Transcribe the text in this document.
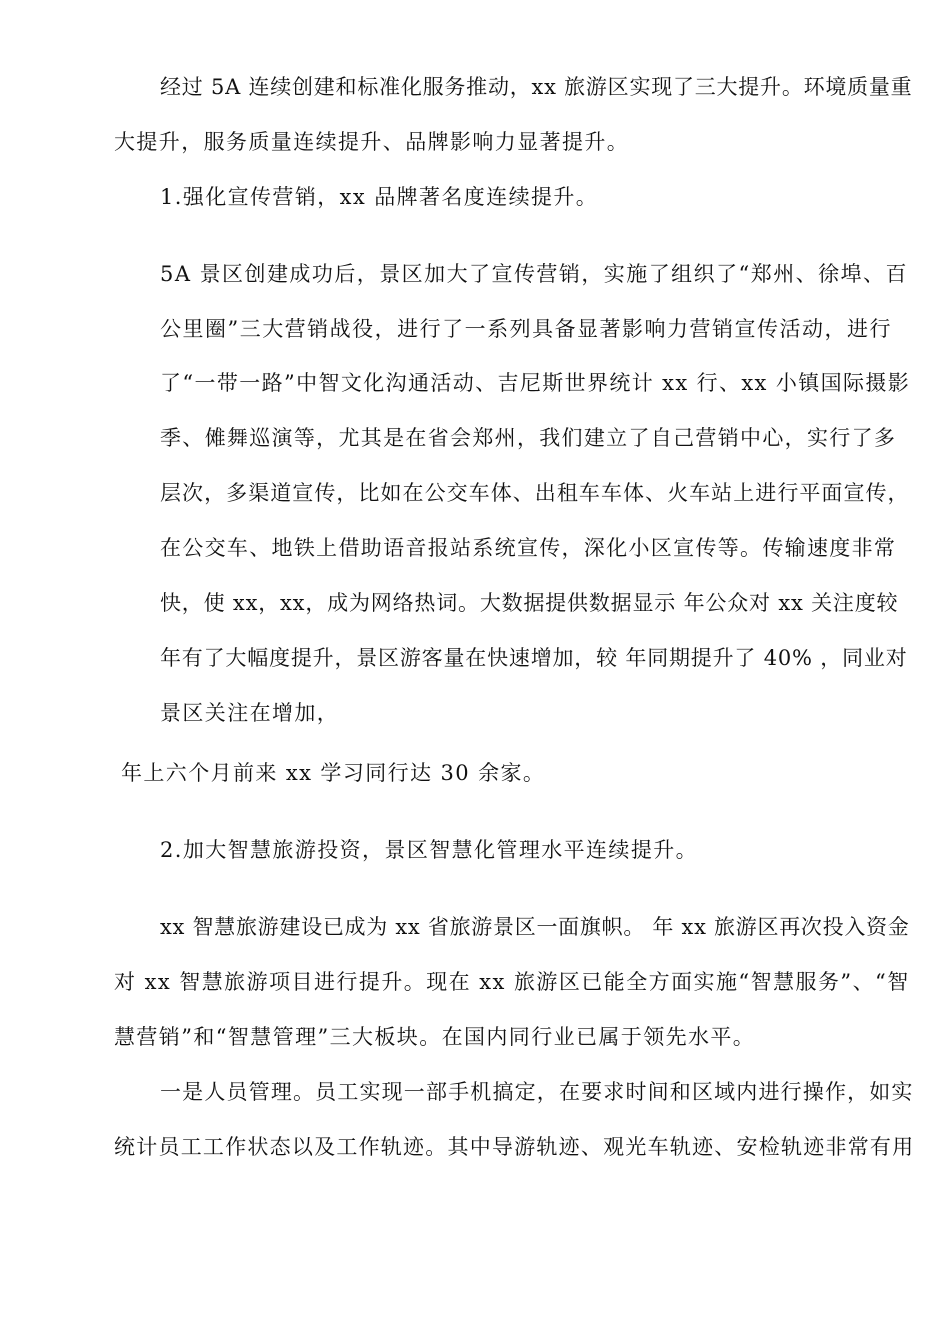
经过 5A 连续创建和标准化服务推动，xx 旅游区实现了三大提升。环境质量重
大提升，服务质量连续提升、品牌影响力显著提升。
1.强化宣传营销，xx 品牌著名度连续提升。
5A 景区创建成功后，景区加大了宣传营销，实施了组织了“郑州、徐埠、百
公里圈”三大营销战役，进行了一系列具备显著影响力营销宣传活动，进行
了“一带一路”中智文化沟通活动、吉尼斯世界统计 xx 行、xx 小镇国际摄影
季、傩舞巡演等，尤其是在省会郑州，我们建立了自己营销中心，实行了多
层次，多渠道宣传，比如在公交车体、出租车车体、火车站上进行平面宣传，
在公交车、地铁上借助语音报站系统宣传，深化小区宣传等。传输速度非常
快，使 xx，xx，成为网络热词。大数据提供数据显示 年公众对 xx 关注度较
年有了大幅度提升，景区游客量在快速增加，较 年同期提升了 40% ，同业对
景区关注在增加，
年上六个月前来 xx 学习同行达 30 余家。
2.加大智慧旅游投资，景区智慧化管理水平连续提升。
xx 智慧旅游建设已成为 xx 省旅游景区一面旗帜。 年 xx 旅游区再次投入资金
对 xx 智慧旅游项目进行提升。现在 xx 旅游区已能全方面实施“智慧服务”、“智
慧营销”和“智慧管理”三大板块。在国内同行业已属于领先水平。
一是人员管理。员工实现一部手机搞定，在要求时间和区域内进行操作，如实
统计员工工作状态以及工作轨迹。其中导游轨迹、观光车轨迹、安检轨迹非常有用
